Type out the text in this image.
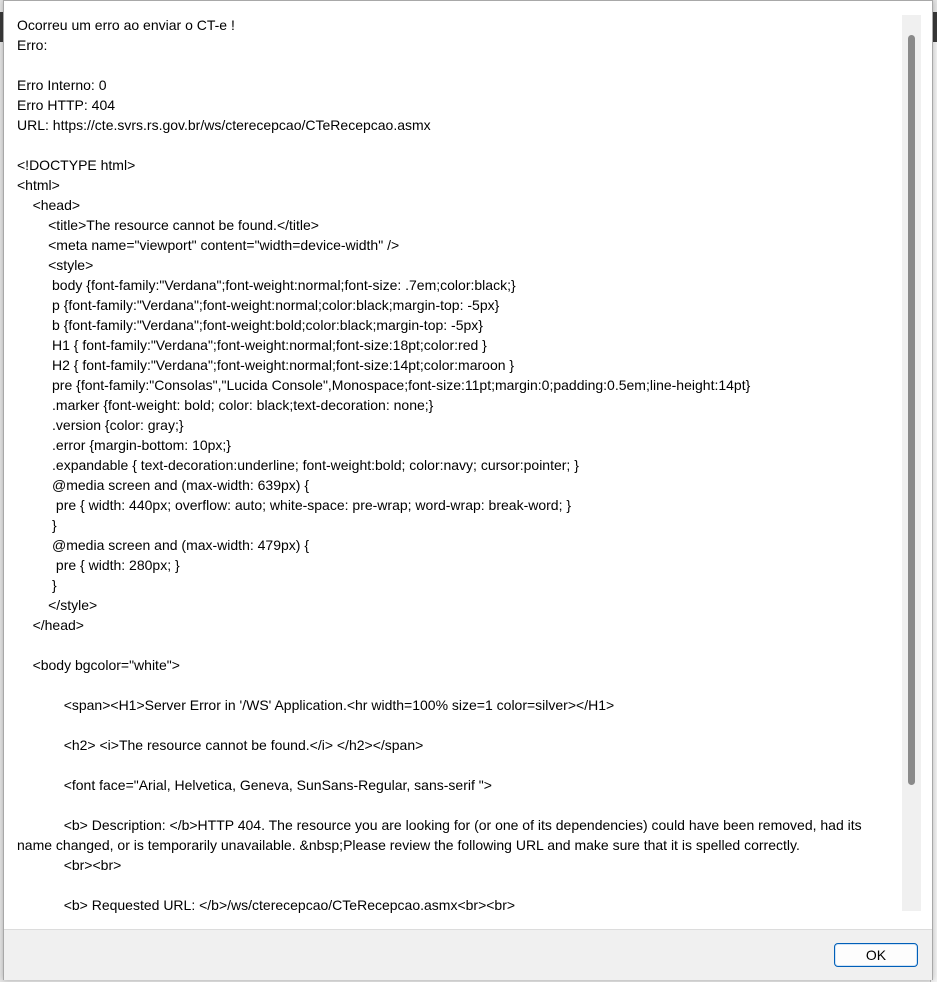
Ocorreu um erro ao enviar o CT-e !
Erro:

Erro Interno: 0
Erro HTTP: 404
URL: https://cte.svrs.rs.gov.br/ws/cterecepcao/CTeRecepcao.asmx

<!DOCTYPE html>
<html>
<head>
<title>The resource cannot be found.</title>
<meta name="viewport" content="width=device-width" />
<style>
body {font-family:"Verdana";font-weight:normal;font-size: .7em;color:black;}
p {font-family:"Verdana";font-weight:normal;color:black;margin-top: -5px}
b {font-family:"Verdana";font-weight:bold;color:black;margin-top: -5px}
H1 { font-family:"Verdana";font-weight:normal;font-size:18pt;color:red }
H2 { font-family:"Verdana";font-weight:normal;font-size:14pt;color:maroon }
pre {font-family:"Consolas","Lucida Console",Monospace;font-size:11pt;margin:0;padding:0.5em;line-height:14pt}
.marker {font-weight: bold; color: black;text-decoration: none;}
.version {color: gray;}
.error {margin-bottom: 10px;}
.expandable { text-decoration:underline; font-weight:bold; color:navy; cursor:pointer; }
@media screen and (max-width: 639px) {
pre { width: 440px; overflow: auto; white-space: pre-wrap; word-wrap: break-word; }
}
@media screen and (max-width: 479px) {
pre { width: 280px; }
}
</style>
</head>

<body bgcolor="white">

<span><H1>Server Error in '/WS' Application.<hr width=100% size=1 color=silver></H1>

<h2> <i>The resource cannot be found.</i> </h2></span>

<font face="Arial, Helvetica, Geneva, SunSans-Regular, sans-serif ">

<b> Description: </b>HTTP 404. The resource you are looking for (or one of its dependencies) could have been removed, had its name changed, or is temporarily unavailable. &nbsp;Please review the following URL and make sure that it is spelled correctly.
<br><br>

<b> Requested URL: </b>/ws/cterecepcao/CTeRecepcao.asmx<br><br>
OK
